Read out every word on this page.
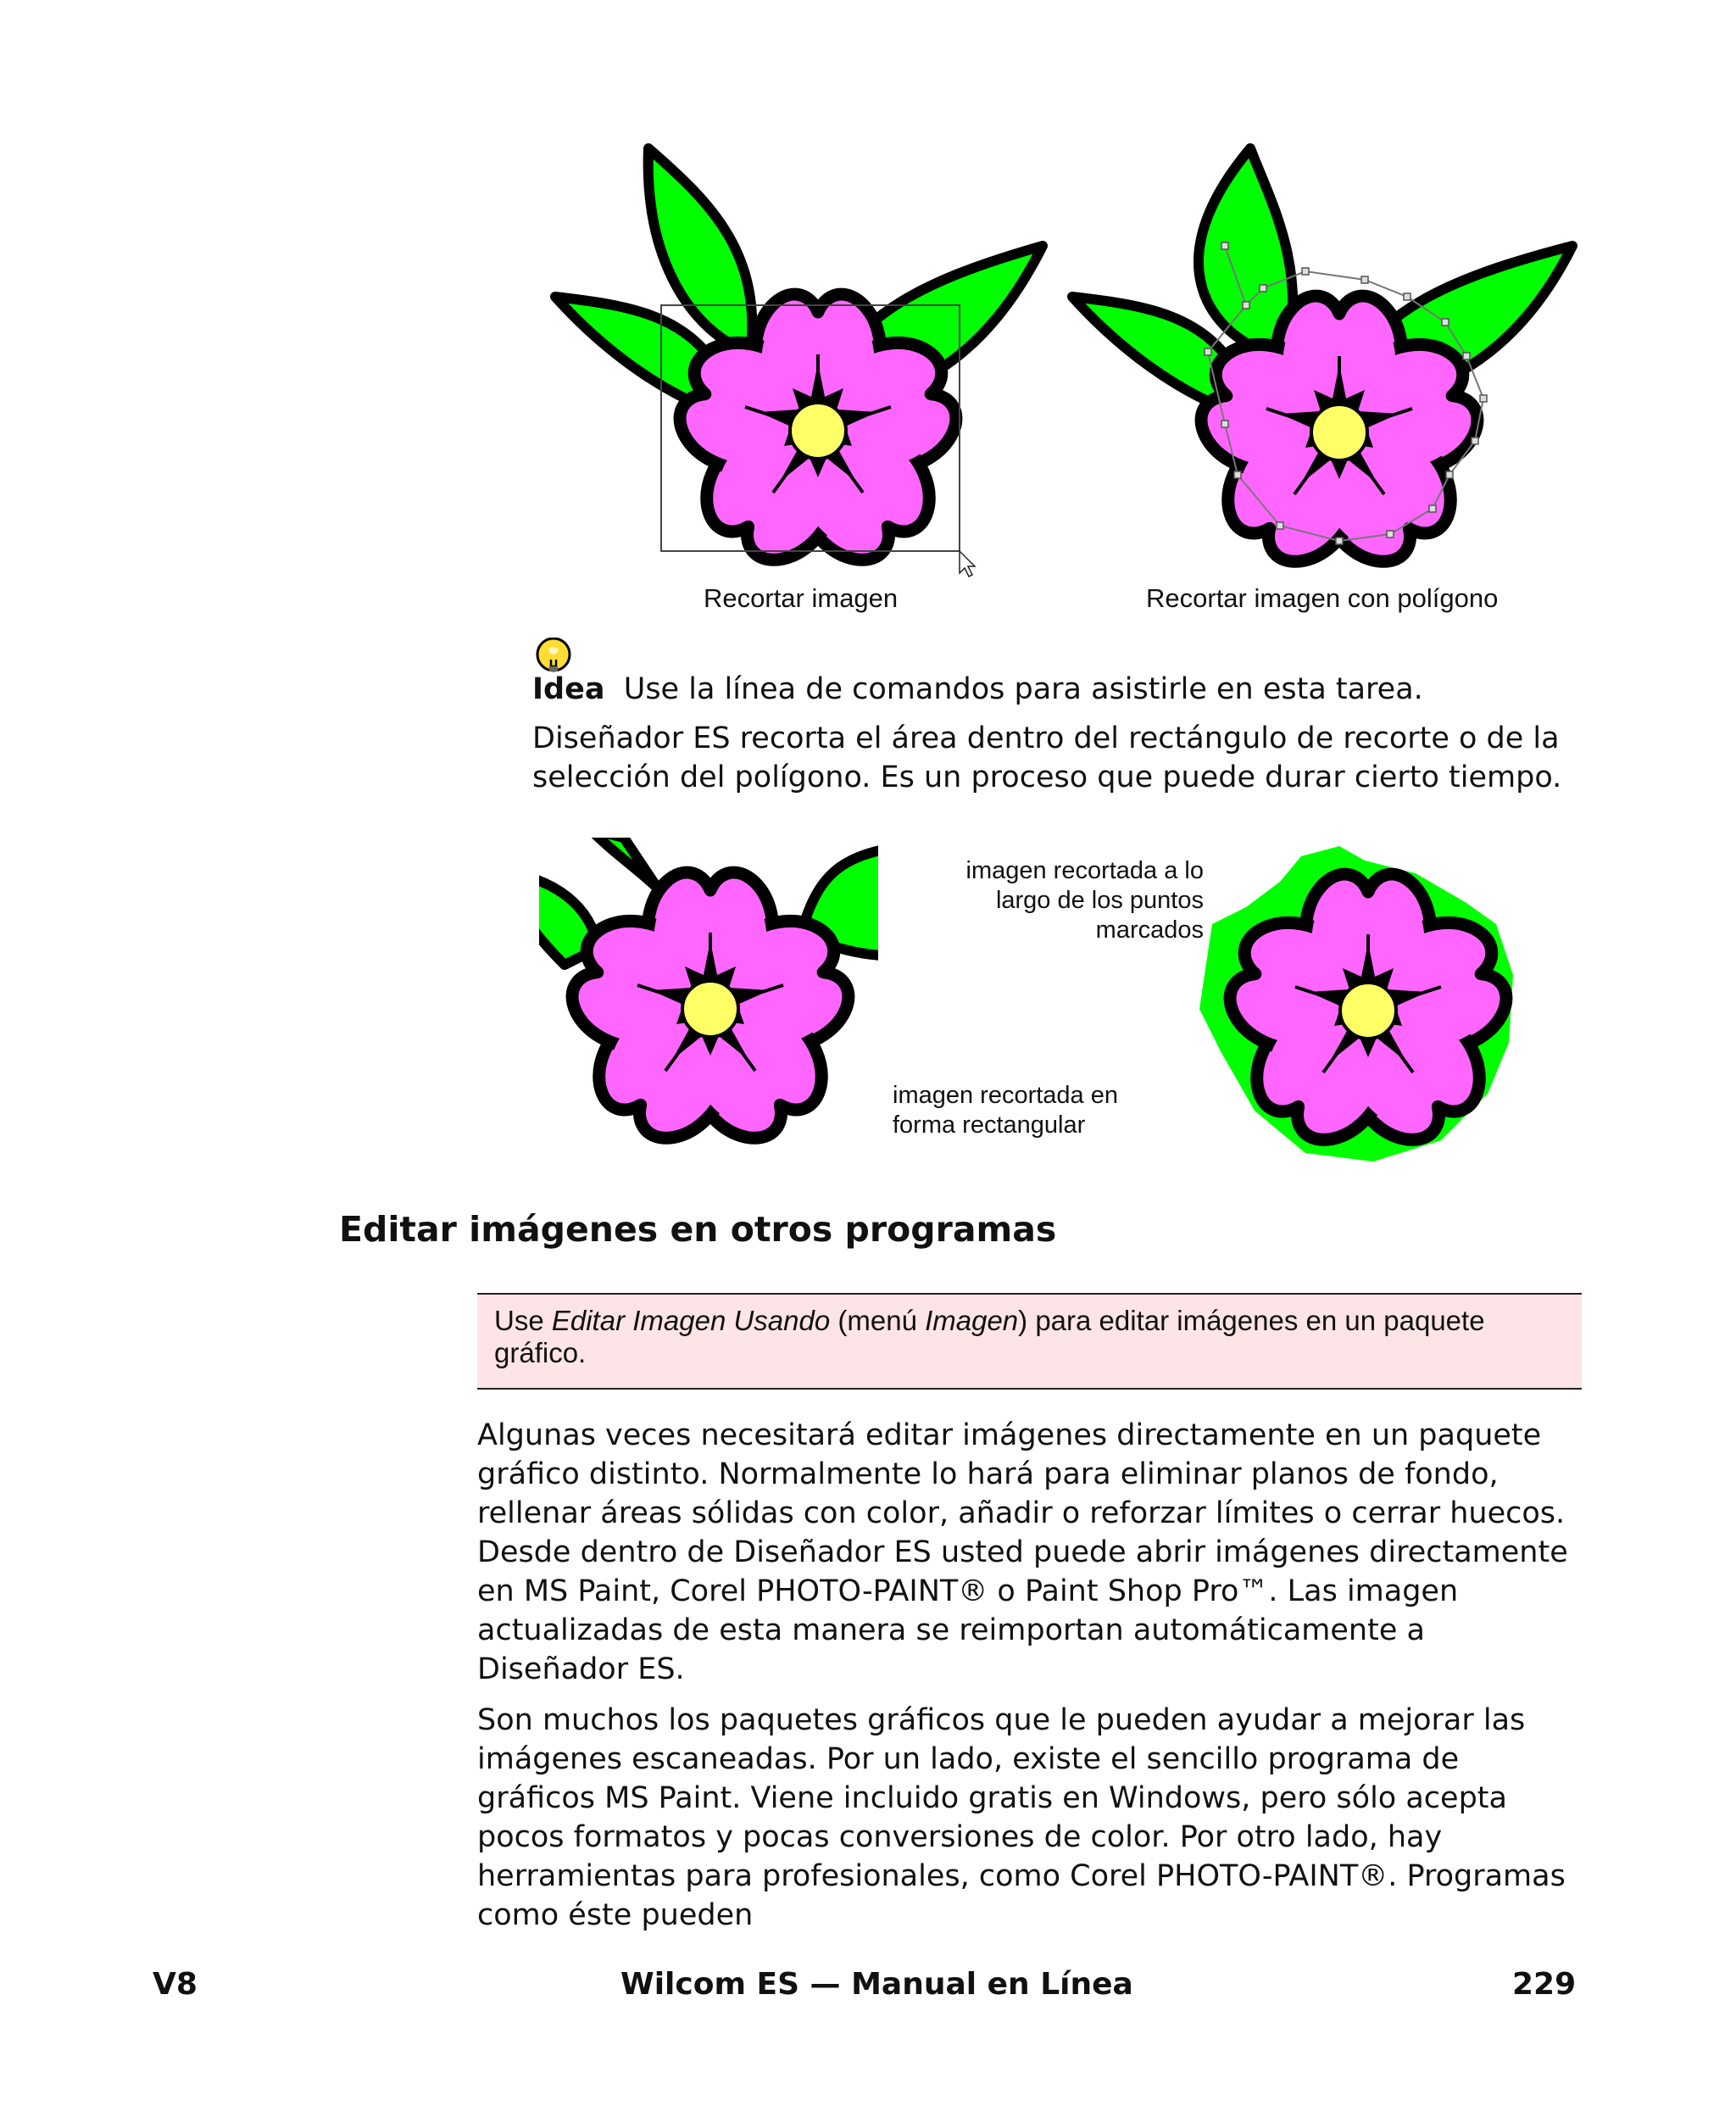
Recortar imagen	Recortar imagen con polígono
Idea Use la línea de comandos para asistirle en esta tarea.
Diseñador ES recorta el área dentro del rectángulo de recorte o de la selección del polígono. Es un proceso que puede durar cierto tiempo.
imagen recortada a lo largo de los puntos marcados
imagen recortada en forma rectangular
Editar imágenes en otros programas
Use Editar Imagen Usando (menú Imagen) para editar imágenes en un paquete gráfico.

Algunas veces necesitará editar imágenes directamente en un paquete gráfico distinto. Normalmente lo hará para eliminar planos de fondo, rellenar áreas sólidas con color, añadir o reforzar límites o cerrar huecos. Desde dentro de Diseñador ES usted puede abrir imágenes directamente en MS Paint, Corel PHOTO-PAINT® o Paint Shop Pro™. Las imagen actualizadas de esta manera se reimportan automáticamente a Diseñador ES.

Son muchos los paquetes gráficos que le pueden ayudar a mejorar las imágenes escaneadas. Por un lado, existe el sencillo programa de gráficos MS Paint. Viene incluido gratis en Windows, pero sólo acepta pocos formatos y pocas conversiones de color. Por otro lado, hay herramientas para profesionales, como Corel PHOTO-PAINT®. Programas como éste pueden

V8	Wilcom ES — Manual en Línea	229
